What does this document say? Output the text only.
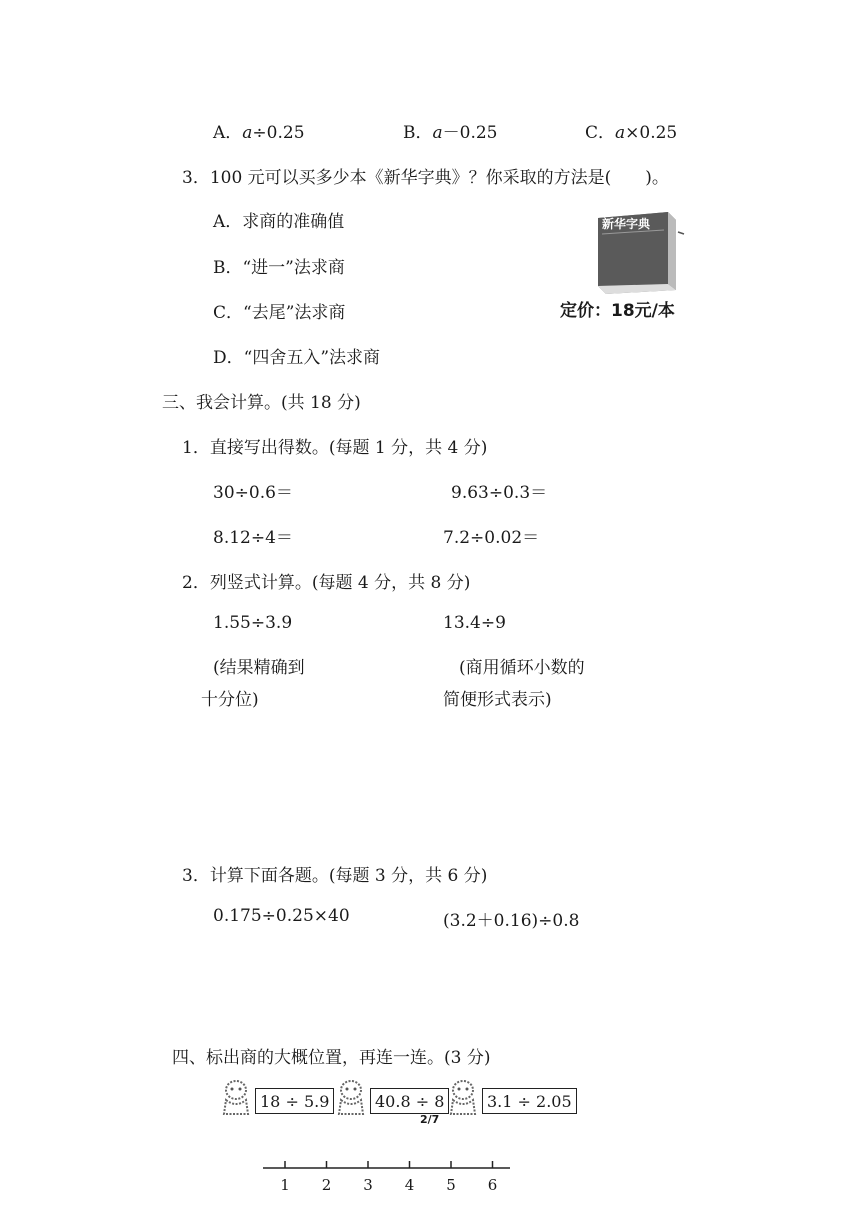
A．a÷0.25	B．a－0.25	C．a×0.25
3．100 元可以买多少本《新华字典》？你采取的方法是(　　)。
A．求商的准确值
B．“进一”法求商
C．“去尾”法求商
D．“四舍五入”法求商
新华字典
定价：18元/本
三、我会计算。(共 18 分)
1．直接写出得数。(每题 1 分，共 4 分)
30÷0.6＝	9.63÷0.3＝
8.12÷4＝	7.2÷0.02＝
2．列竖式计算。(每题 4 分，共 8 分)
1.55÷3.9	13.4÷9
(结果精确到
十分位)
(商用循环小数的
简便形式表示)
3．计算下面各题。(每题 3 分，共 6 分)
0.175÷0.25×40	(3.2＋0.16)÷0.8
四、标出商的大概位置，再连一连。(3 分)
18 ÷ 5.9	40.8 ÷ 8	3.1 ÷ 2.05
2/7
1 2 3 4 5 6
